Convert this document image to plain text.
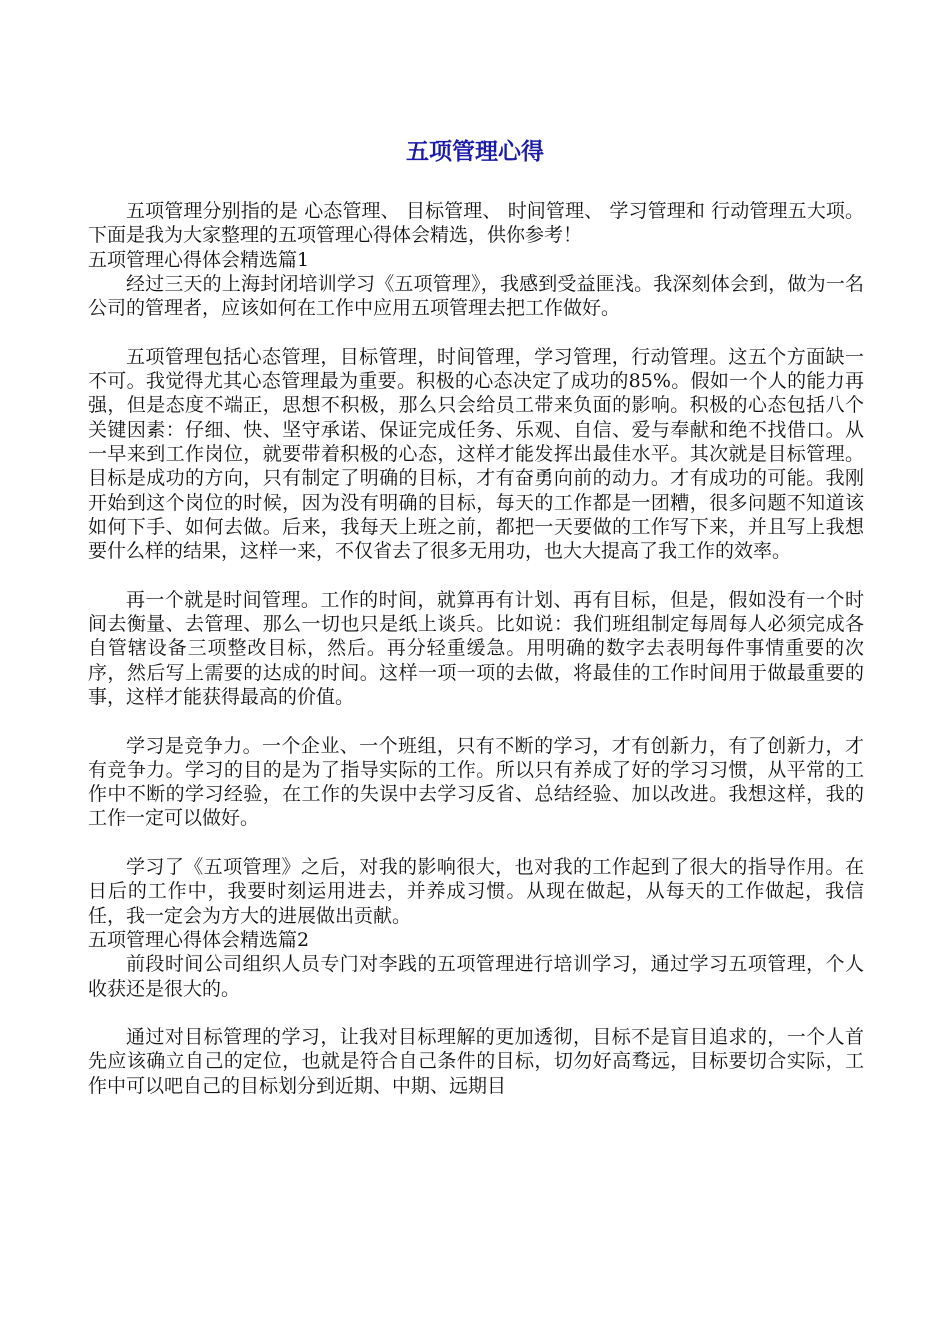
五项管理心得

五项管理分别指的是 心态管理、 目标管理、 时间管理、 学习管理和 行动管理五大项。下面是我为大家整理的五项管理心得体会精选，供你参考！

五项管理心得体会精选篇1

经过三天的上海封闭培训学习《五项管理》，我感到受益匪浅。我深刻体会到，做为一名公司的管理者，应该如何在工作中应用五项管理去把工作做好。

五项管理包括心态管理，目标管理，时间管理，学习管理，行动管理。这五个方面缺一不可。我觉得尤其心态管理最为重要。积极的心态决定了成功的85%。假如一个人的能力再强，但是态度不端正，思想不积极，那么只会给员工带来负面的影响。积极的心态包括八个关键因素：仔细、快、坚守承诺、保证完成任务、乐观、自信、爱与奉献和绝不找借口。从一早来到工作岗位，就要带着积极的心态，这样才能发挥出最佳水平。其次就是目标管理。目标是成功的方向，只有制定了明确的目标，才有奋勇向前的动力。才有成功的可能。我刚开始到这个岗位的时候，因为没有明确的目标，每天的工作都是一团糟，很多问题不知道该如何下手、如何去做。后来，我每天上班之前，都把一天要做的工作写下来，并且写上我想要什么样的结果，这样一来，不仅省去了很多无用功，也大大提高了我工作的效率。

再一个就是时间管理。工作的时间，就算再有计划、再有目标，但是，假如没有一个时间去衡量、去管理、那么一切也只是纸上谈兵。比如说：我们班组制定每周每人必须完成各自管辖设备三项整改目标，然后。再分轻重缓急。用明确的数字去表明每件事情重要的次序，然后写上需要的达成的时间。这样一项一项的去做，将最佳的工作时间用于做最重要的事，这样才能获得最高的价值。

学习是竞争力。一个企业、一个班组，只有不断的学习，才有创新力，有了创新力，才有竞争力。学习的目的是为了指导实际的工作。所以只有养成了好的学习习惯，从平常的工作中不断的学习经验，在工作的失误中去学习反省、总结经验、加以改进。我想这样，我的工作一定可以做好。

学习了《五项管理》之后，对我的影响很大，也对我的工作起到了很大的指导作用。在日后的工作中，我要时刻运用进去，并养成习惯。从现在做起，从每天的工作做起，我信任，我一定会为方大的进展做出贡献。

五项管理心得体会精选篇2

前段时间公司组织人员专门对李践的五项管理进行培训学习，通过学习五项管理，个人收获还是很大的。

通过对目标管理的学习，让我对目标理解的更加透彻，目标不是盲目追求的，一个人首先应该确立自己的定位，也就是符合自己条件的目标，切勿好高骛远，目标要切合实际，工作中可以吧自己的目标划分到近期、中期、远期目
